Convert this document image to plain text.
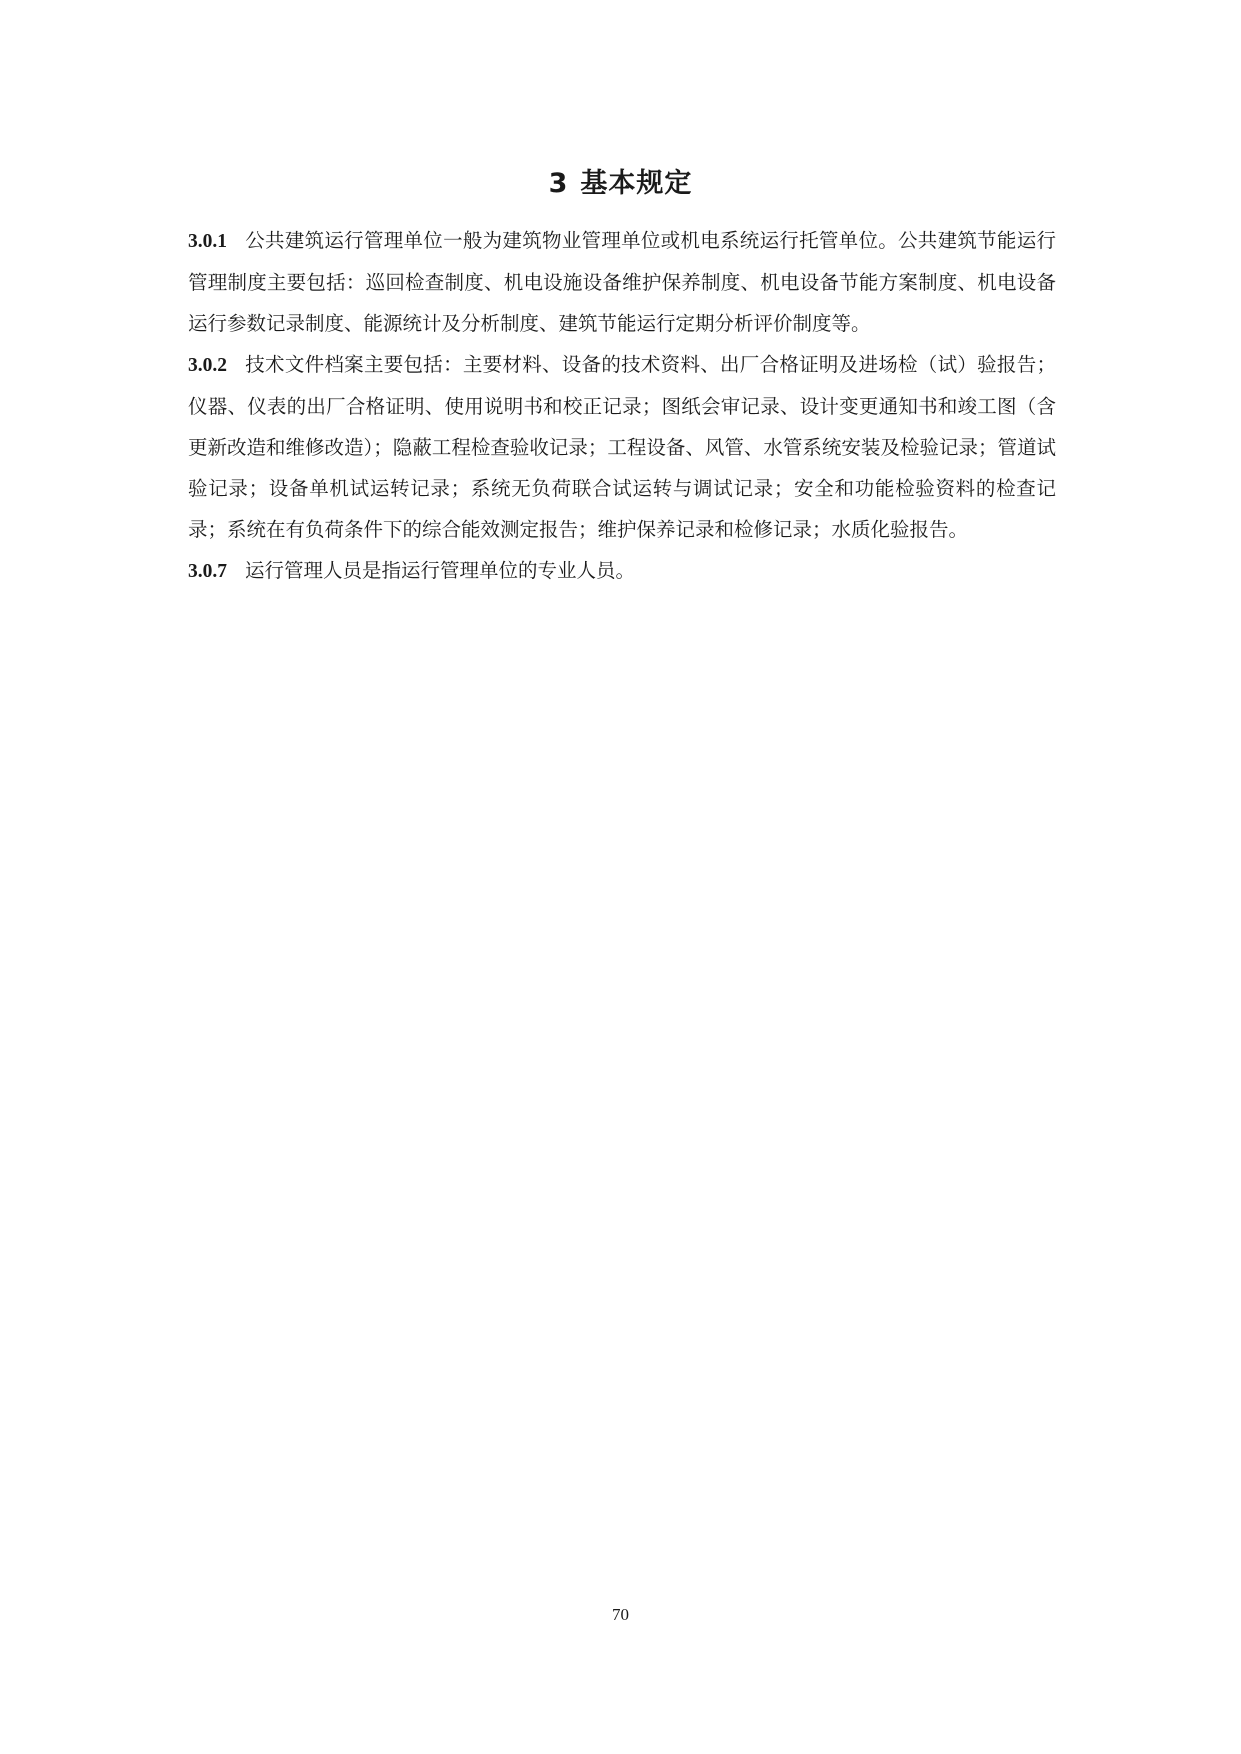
3 基本规定

3.0.1 公共建筑运行管理单位一般为建筑物业管理单位或机电系统运行托管单位。公共建筑节能运行管理制度主要包括：巡回检查制度、机电设施设备维护保养制度、机电设备节能方案制度、机电设备运行参数记录制度、能源统计及分析制度、建筑节能运行定期分析评价制度等。

3.0.2 技术文件档案主要包括：主要材料、设备的技术资料、出厂合格证明及进场检（试）验报告；仪器、仪表的出厂合格证明、使用说明书和校正记录；图纸会审记录、设计变更通知书和竣工图（含更新改造和维修改造）；隐蔽工程检查验收记录；工程设备、风管、水管系统安装及检验记录；管道试验记录；设备单机试运转记录；系统无负荷联合试运转与调试记录；安全和功能检验资料的检查记录；系统在有负荷条件下的综合能效测定报告；维护保养记录和检修记录；水质化验报告。

3.0.7 运行管理人员是指运行管理单位的专业人员。

70
